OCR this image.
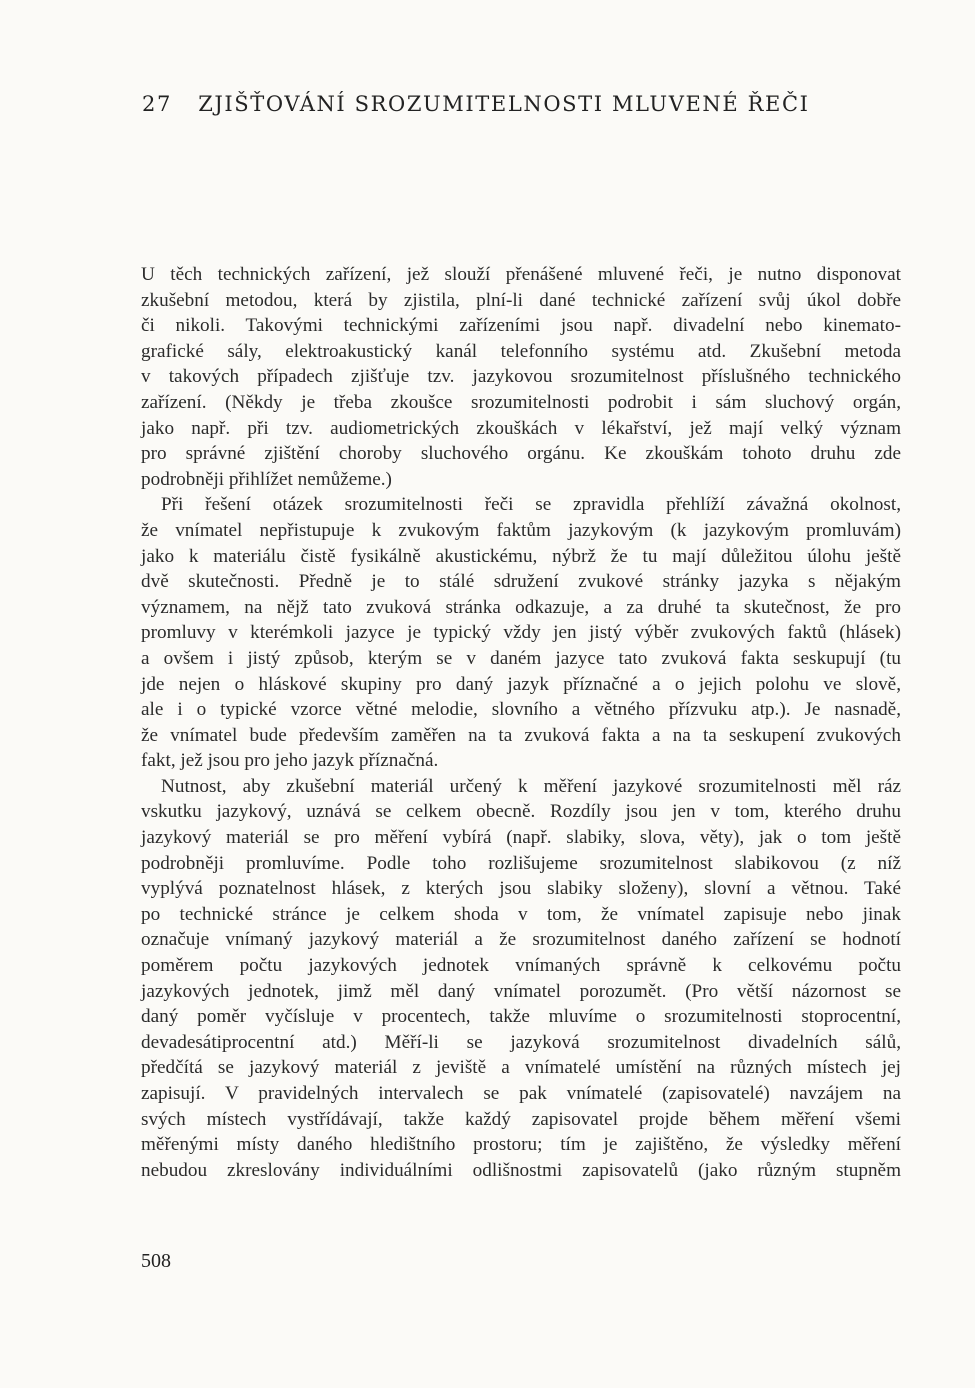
27 ZJIŠŤOVÁNÍ SROZUMITELNOSTI MLUVENÉ ŘEČI
U těch technických zařízení, jež slouží přenášené mluvené řeči, je nutno disponovat
zkušební metodou, která by zjistila, plní-li dané technické zařízení svůj úkol dobře
či nikoli. Takovými technickými zařízeními jsou např. divadelní nebo kinemato-
grafické sály, elektroakustický kanál telefonního systému atd. Zkušební metoda
v takových případech zjišťuje tzv. jazykovou srozumitelnost příslušného technického
zařízení. (Někdy je třeba zkoušce srozumitelnosti podrobit i sám sluchový orgán,
jako např. při tzv. audiometrických zkouškách v lékařství, jež mají velký význam
pro správné zjištění choroby sluchového orgánu. Ke zkouškám tohoto druhu zde
podrobněji přihlížet nemůžeme.)
Při řešení otázek srozumitelnosti řeči se zpravidla přehlíží závažná okolnost,
že vnímatel nepřistupuje k zvukovým faktům jazykovým (k jazykovým promluvám)
jako k materiálu čistě fysikálně akustickému, nýbrž že tu mají důležitou úlohu ještě
dvě skutečnosti. Předně je to stálé sdružení zvukové stránky jazyka s nějakým
významem, na nějž tato zvuková stránka odkazuje, a za druhé ta skutečnost, že pro
promluvy v kterémkoli jazyce je typický vždy jen jistý výběr zvukových faktů (hlásek)
a ovšem i jistý způsob, kterým se v daném jazyce tato zvuková fakta seskupují (tu
jde nejen o hláskové skupiny pro daný jazyk příznačné a o jejich polohu ve slově,
ale i o typické vzorce větné melodie, slovního a větného přízvuku atp.). Je nasnadě,
že vnímatel bude především zaměřen na ta zvuková fakta a na ta seskupení zvukových
fakt, jež jsou pro jeho jazyk příznačná.
Nutnost, aby zkušební materiál určený k měření jazykové srozumitelnosti měl ráz
vskutku jazykový, uznává se celkem obecně. Rozdíly jsou jen v tom, kterého druhu
jazykový materiál se pro měření vybírá (např. slabiky, slova, věty), jak o tom ještě
podrobněji promluvíme. Podle toho rozlišujeme srozumitelnost slabikovou (z níž
vyplývá poznatelnost hlásek, z kterých jsou slabiky složeny), slovní a větnou. Také
po technické stránce je celkem shoda v tom, že vnímatel zapisuje nebo jinak
označuje vnímaný jazykový materiál a že srozumitelnost daného zařízení se hodnotí
poměrem počtu jazykových jednotek vnímaných správně k celkovému počtu
jazykových jednotek, jimž měl daný vnímatel porozumět. (Pro větší názornost se
daný poměr vyčísluje v procentech, takže mluvíme o srozumitelnosti stoprocentní,
devadesátiprocentní atd.) Měří-li se jazyková srozumitelnost divadelních sálů,
předčítá se jazykový materiál z jeviště a vnímatelé umístění na různých místech jej
zapisují. V pravidelných intervalech se pak vnímatelé (zapisovatelé) navzájem na
svých místech vystřídávají, takže každý zapisovatel projde během měření všemi
měřenými místy daného hledištního prostoru; tím je zajištěno, že výsledky měření
nebudou zkreslovány individuálními odlišnostmi zapisovatelů (jako různým stupněm
508
